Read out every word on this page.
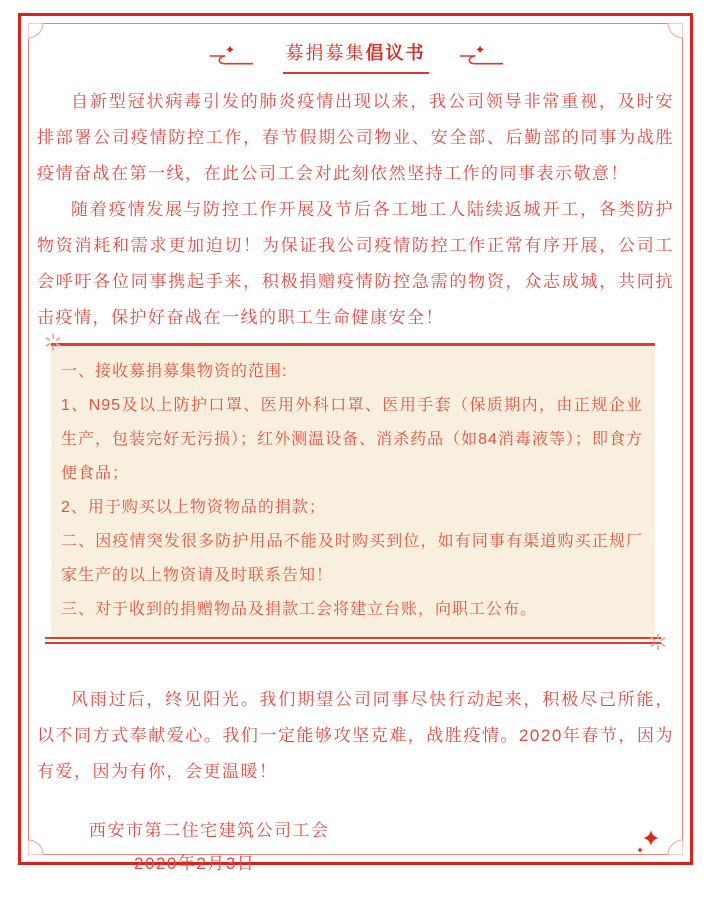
募捐募集倡议书

自新型冠状病毒引发的肺炎疫情出现以来，我公司领导非常重视，及时安排部署公司疫情防控工作，春节假期公司物业、安全部、后勤部的同事为战胜疫情奋战在第一线，在此公司工会对此刻依然坚持工作的同事表示敬意！

随着疫情发展与防控工作开展及节后各工地工人陆续返城开工，各类防护物资消耗和需求更加迫切！为保证我公司疫情防控工作正常有序开展，公司工会呼吁各位同事携起手来，积极捐赠疫情防控急需的物资，众志成城，共同抗击疫情，保护好奋战在一线的职工生命健康安全！

一、接收募捐募集物资的范围:

1、N95及以上防护口罩、医用外科口罩、医用手套（保质期内，由正规企业生产，包装完好无污损）；红外测温设备、消杀药品（如84消毒液等）；即食方便食品；

2、用于购买以上物资物品的捐款；

二、因疫情突发很多防护用品不能及时购买到位，如有同事有渠道购买正规厂家生产的以上物资请及时联系告知！

三、对于收到的捐赠物品及捐款工会将建立台账，向职工公布。

风雨过后，终见阳光。我们期望公司同事尽快行动起来，积极尽己所能，以不同方式奉献爱心。我们一定能够攻坚克难，战胜疫情。2020年春节，因为有爱，因为有你，会更温暖！

西安市第二住宅建筑公司工会

2020年2月3日
